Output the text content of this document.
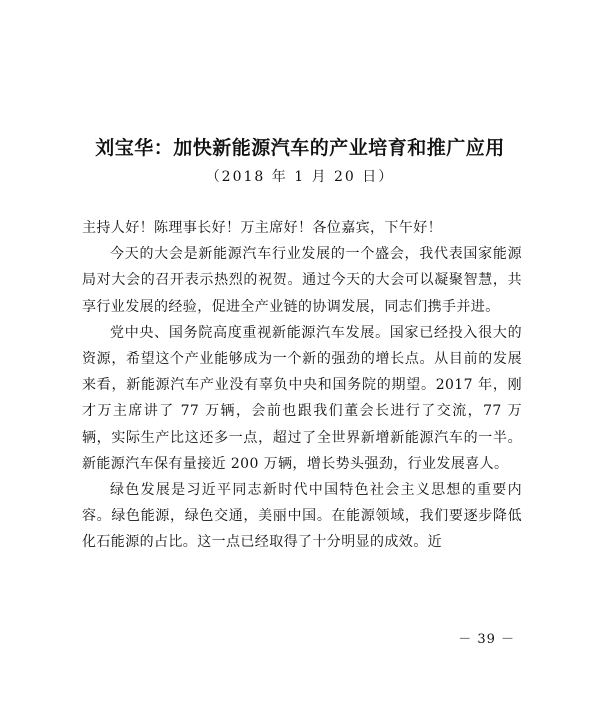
刘宝华：加快新能源汽车的产业培育和推广应用
（2018 年 1 月 20 日）

主持人好！陈理事长好！万主席好！各位嘉宾，下午好！

今天的大会是新能源汽车行业发展的一个盛会，我代表国家能源局对大会的召开表示热烈的祝贺。通过今天的大会可以凝聚智慧，共享行业发展的经验，促进全产业链的协调发展，同志们携手并进。

党中央、国务院高度重视新能源汽车发展。国家已经投入很大的资源，希望这个产业能够成为一个新的强劲的增长点。从目前的发展来看，新能源汽车产业没有辜负中央和国务院的期望。2017 年，刚才万主席讲了 77 万辆，会前也跟我们董会长进行了交流，77 万辆，实际生产比这还多一点，超过了全世界新增新能源汽车的一半。新能源汽车保有量接近 200 万辆，增长势头强劲，行业发展喜人。

绿色发展是习近平同志新时代中国特色社会主义思想的重要内容。绿色能源，绿色交通，美丽中国。在能源领域，我们要逐步降低化石能源的占比。这一点已经取得了十分明显的成效。近

－ 39 －
